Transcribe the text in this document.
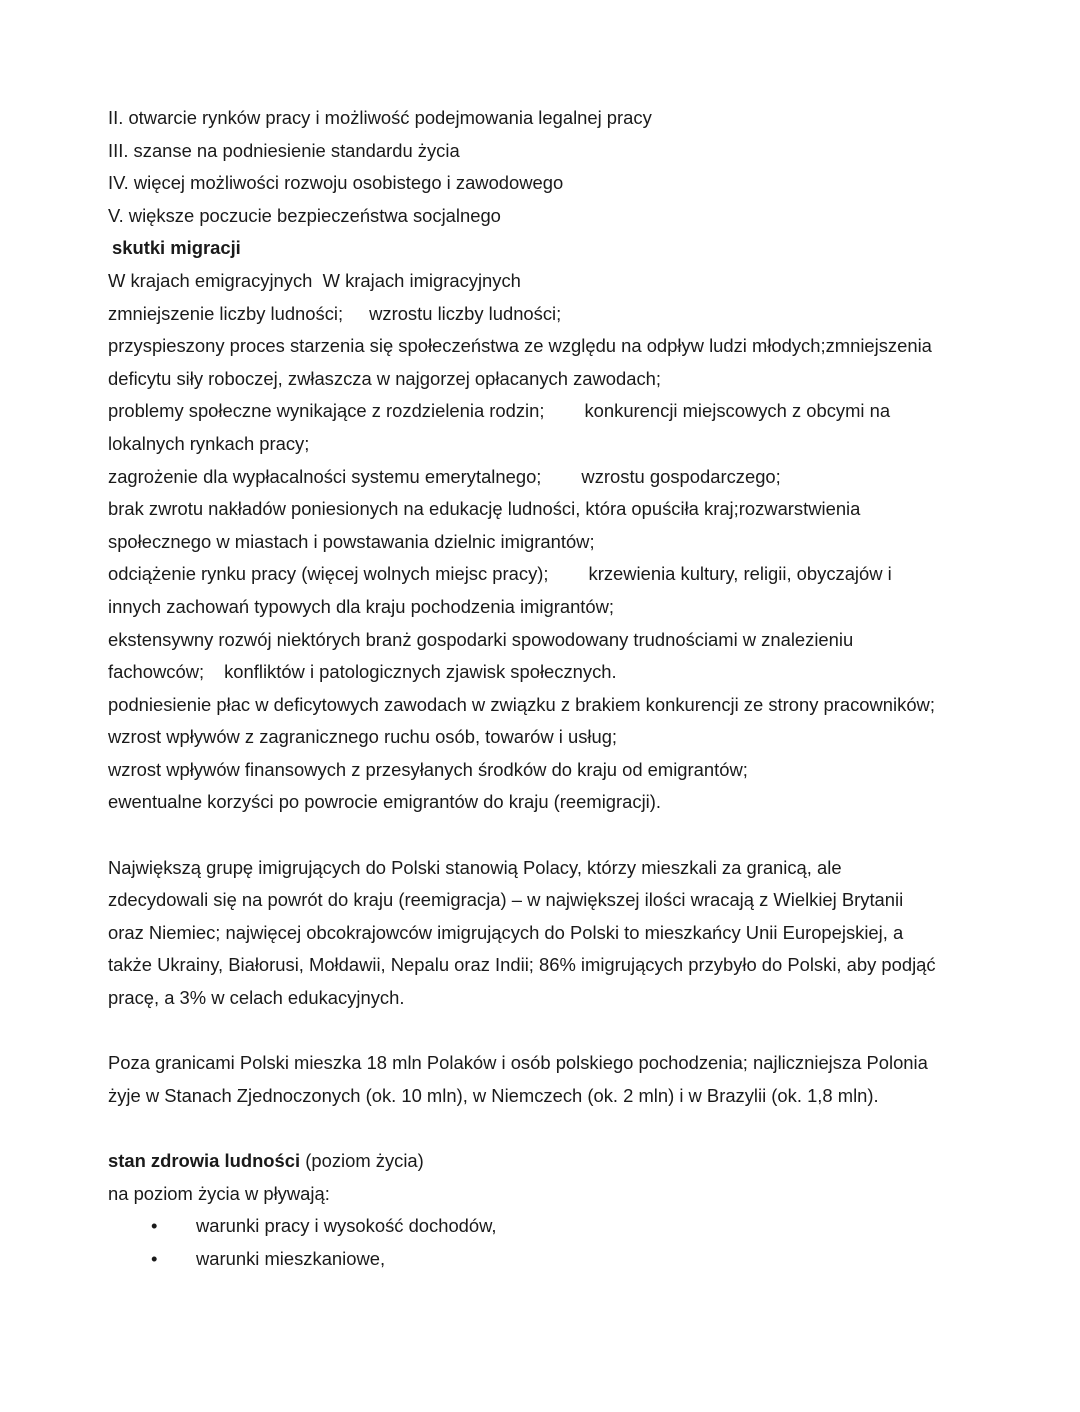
II. otwarcie rynków pracy i możliwość podejmowania legalnej pracy

III. szanse na podniesienie standardu życia

IV. więcej możliwości rozwoju osobistego i zawodowego

V. większe poczucie bezpieczeństwa socjalnego

skutki migracji

W krajach emigracyjnych W krajach imigracyjnych

zmniejszenie liczby ludności; wzrostu liczby ludności;

przyspieszony proces starzenia się społeczeństwa ze względu na odpływ ludzi młodych;zmniejszenia

deficytu siły roboczej, zwłaszcza w najgorzej opłacanych zawodach;

problemy społeczne wynikające z rozdzielenia rodzin; konkurencji miejscowych z obcymi na

lokalnych rynkach pracy;

zagrożenie dla wypłacalności systemu emerytalnego; wzrostu gospodarczego;

brak zwrotu nakładów poniesionych na edukację ludności, która opuściła kraj;rozwarstwienia

społecznego w miastach i powstawania dzielnic imigrantów;

odciążenie rynku pracy (więcej wolnych miejsc pracy); krzewienia kultury, religii, obyczajów i

innych zachowań typowych dla kraju pochodzenia imigrantów;

ekstensywny rozwój niektórych branż gospodarki spowodowany trudnościami w znalezieniu

fachowców; konfliktów i patologicznych zjawisk społecznych.

podniesienie płac w deficytowych zawodach w związku z brakiem konkurencji ze strony pracowników;

wzrost wpływów z zagranicznego ruchu osób, towarów i usług;

wzrost wpływów finansowych z przesyłanych środków do kraju od emigrantów;

ewentualne korzyści po powrocie emigrantów do kraju (reemigracji).

Największą grupę imigrujących do Polski stanowią Polacy, którzy mieszkali za granicą, ale

zdecydowali się na powrót do kraju (reemigracja) – w największej ilości wracają z Wielkiej Brytanii

oraz Niemiec; najwięcej obcokrajowców imigrujących do Polski to mieszkańcy Unii Europejskiej, a

także Ukrainy, Białorusi, Mołdawii, Nepalu oraz Indii; 86% imigrujących przybyło do Polski, aby podjąć

pracę, a 3% w celach edukacyjnych.

Poza granicami Polski mieszka 18 mln Polaków i osób polskiego pochodzenia; najliczniejsza Polonia

żyje w Stanach Zjednoczonych (ok. 10 mln), w Niemczech (ok. 2 mln) i w Brazylii (ok. 1,8 mln).

stan zdrowia ludności (poziom życia)

na poziom życia w pływają:

• warunki pracy i wysokość dochodów,

• warunki mieszkaniowe,
